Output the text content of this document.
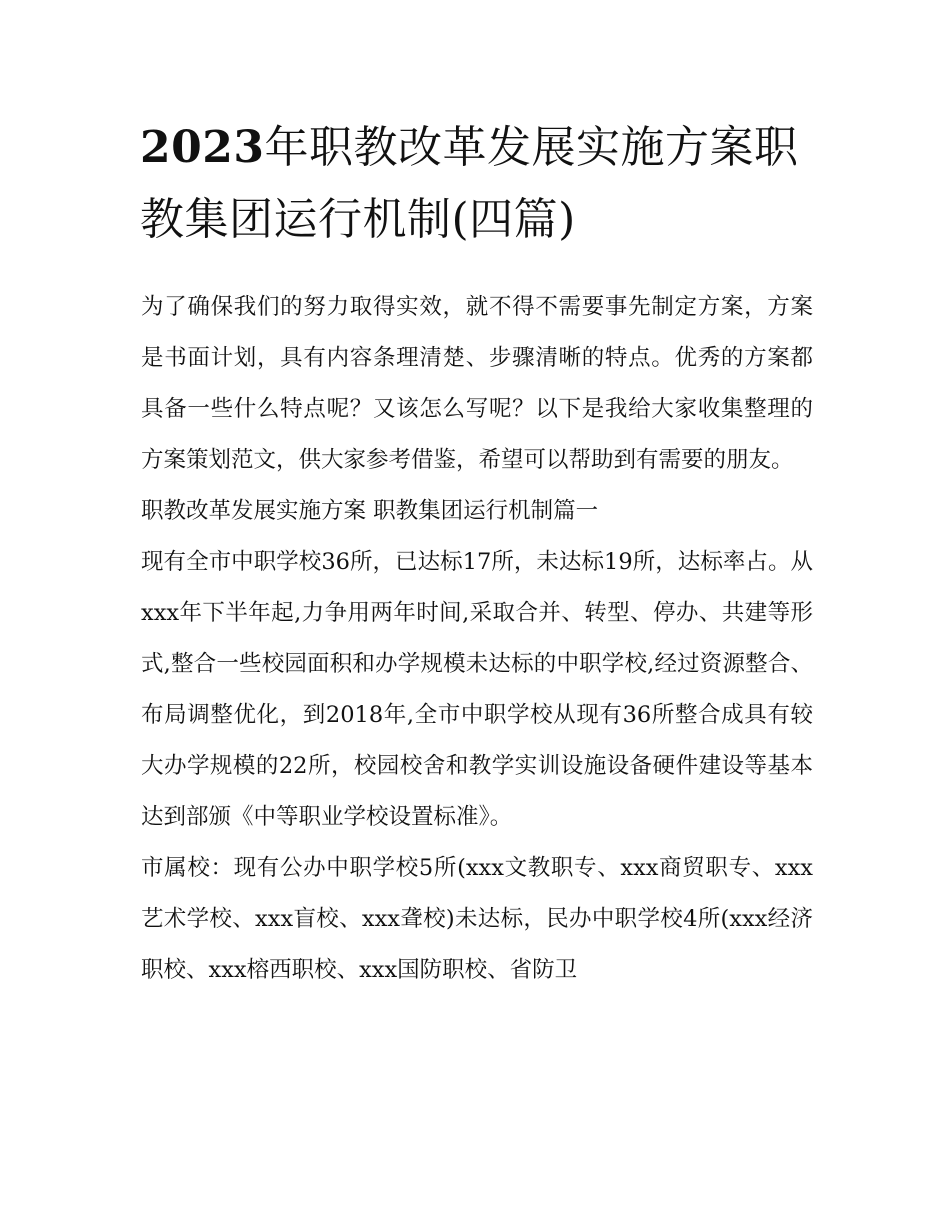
2023年职教改革发展实施方案职教集团运行机制(四篇)

为了确保我们的努力取得实效，就不得不需要事先制定方案，方案是书面计划，具有内容条理清楚、步骤清晰的特点。优秀的方案都具备一些什么特点呢？又该怎么写呢？以下是我给大家收集整理的方案策划范文，供大家参考借鉴，希望可以帮助到有需要的朋友。

职教改革发展实施方案 职教集团运行机制篇一

现有全市中职学校36所，已达标17所，未达标19所，达标率占。从xxx年下半年起,力争用两年时间,采取合并、转型、停办、共建等形式,整合一些校园面积和办学规模未达标的中职学校,经过资源整合、布局调整优化，到2018年,全市中职学校从现有36所整合成具有较大办学规模的22所，校园校舍和教学实训设施设备硬件建设等基本达到部颁《中等职业学校设置标准》。

市属校：现有公办中职学校5所(xxx文教职专、xxx商贸职专、xxx艺术学校、xxx盲校、xxx聋校)未达标，民办中职学校4所(xxx经济职校、xxx榕西职校、xxx国防职校、省防卫
